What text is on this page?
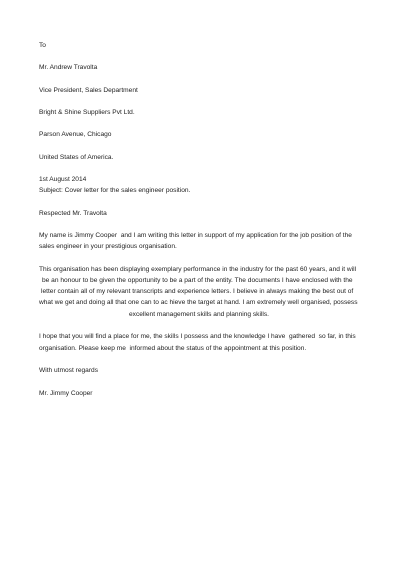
To
Mr. Andrew Travolta
Vice President, Sales Department
Bright & Shine Suppliers Pvt Ltd.
Parson Avenue, Chicago
United States of America.
1st August 2014
Subject: Cover letter for the sales engineer position.
Respected Mr. Travolta
My name is Jimmy Cooper  and I am writing this letter in support of my application for the job position of the
sales engineer in your prestigious organisation.
This organisation has been displaying exemplary performance in the industry for the past 60 years, and it will
be an honour to be given the opportunity to be a part of the entity. The documents I have enclosed with the
letter contain all of my relevant transcripts and experience letters. I believe in always making the best out of
what we get and doing all that one can to ac hieve the target at hand. I am extremely well organised, possess
excellent management skills and planning skills.
I hope that you will find a place for me, the skills I possess and the knowledge I have  gathered  so far, in this
organisation. Please keep me  informed about the status of the appointment at this position.
With utmost regards
Mr. Jimmy Cooper
